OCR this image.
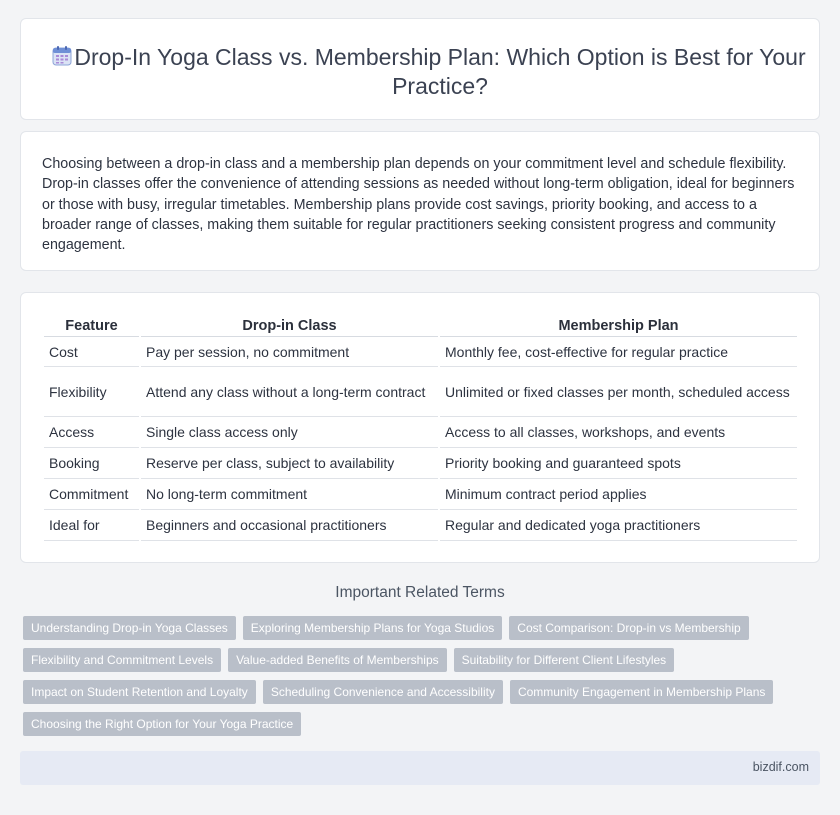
Drop-In Yoga Class vs. Membership Plan: Which Option is Best for Your Practice?

Choosing between a drop-in class and a membership plan depends on your commitment level and schedule flexibility. Drop-in classes offer the convenience of attending sessions as needed without long-term obligation, ideal for beginners or those with busy, irregular timetables. Membership plans provide cost savings, priority booking, and access to a broader range of classes, making them suitable for regular practitioners seeking consistent progress and community engagement.

Feature	Drop-in Class	Membership Plan
Cost	Pay per session, no commitment	Monthly fee, cost-effective for regular practice
Flexibility	Attend any class without a long-term contract	Unlimited or fixed classes per month, scheduled access
Access	Single class access only	Access to all classes, workshops, and events
Booking	Reserve per class, subject to availability	Priority booking and guaranteed spots
Commitment	No long-term commitment	Minimum contract period applies
Ideal for	Beginners and occasional practitioners	Regular and dedicated yoga practitioners
Important Related Terms
Understanding Drop-in Yoga Classes	Exploring Membership Plans for Yoga Studios	Cost Comparison: Drop-in vs Membership
Flexibility and Commitment Levels	Value-added Benefits of Memberships	Suitability for Different Client Lifestyles
Impact on Student Retention and Loyalty	Scheduling Convenience and Accessibility	Community Engagement in Membership Plans
Choosing the Right Option for Your Yoga Practice
bizdif.com
